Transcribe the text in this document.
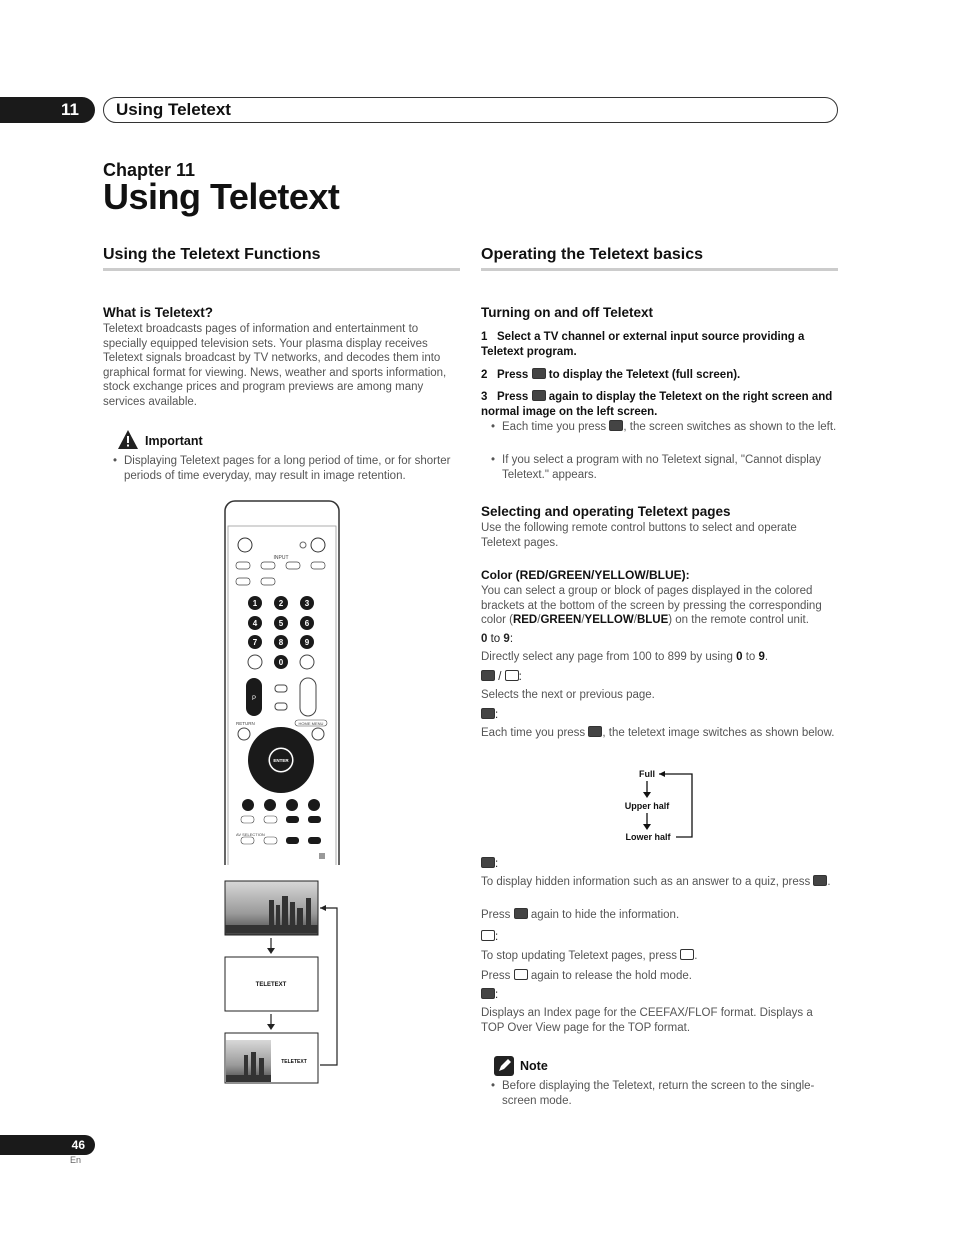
11	Using Teletext
Chapter 11
Using Teletext
Using the Teletext Functions
What is Teletext?
Teletext broadcasts pages of information and entertainment to specially equipped television sets. Your plasma display receives Teletext signals broadcast by TV networks, and decodes them into graphical format for viewing. News, weather and sports information, stock exchange prices and program previews are among many services available.
Important
• Displaying Teletext pages for a long period of time, or for shorter periods of time everyday, may result in image retention.
INPUT
1	2	3
4	5	6
7	8	9
0
P
RETURN	HOME MENU
ENTER
AV SELECTION
TELETEXT
TELETEXT
Operating the Teletext basics
Turning on and off Teletext
1 Select a TV channel or external input source providing a Teletext program.
2 Press to display the Teletext (full screen).
3 Press again to display the Teletext on the right screen and normal image on the left screen.
• Each time you press , the screen switches as shown to the left.
• If you select a program with no Teletext signal, "Cannot display Teletext." appears.
Selecting and operating Teletext pages
Use the following remote control buttons to select and operate Teletext pages.
Color (RED/GREEN/YELLOW/BLUE):
You can select a group or block of pages displayed in the colored brackets at the bottom of the screen by pressing the corresponding color (RED/GREEN/YELLOW/BLUE) on the remote control unit.
0 to 9:
Directly select any page from 100 to 899 by using 0 to 9.
/ :
Selects the next or previous page.
:
Each time you press , the teletext image switches as shown below.
Full
Upper half
Lower half
:
To display hidden information such as an answer to a quiz, press .
Press again to hide the information.
:
To stop updating Teletext pages, press .
Press again to release the hold mode.
:
Displays an Index page for the CEEFAX/FLOF format. Displays a TOP Over View page for the TOP format.
Note
• Before displaying the Teletext, return the screen to the single-screen mode.
46
En
